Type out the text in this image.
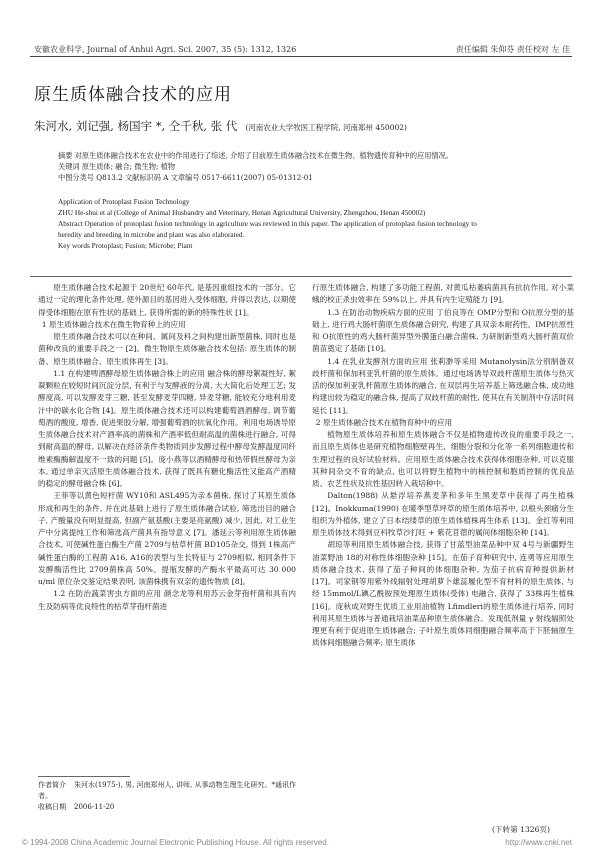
安徽农业科学, Journal of Anhui Agri. Sci. 2007, 35 (5): 1312, 1326	责任编辑 朱仰芬 责任校对 左 佳
原生质体融合技术的应用
朱河水, 刘记强, 杨国宇 *, 仝千秋, 张 代 (河南农业大学牧医工程学院, 河南郑州 450002)
摘要 对原生质体融合技术在农业中的作用进行了综述, 介绍了目前原生质体融合技术在微生物、植物遗传育种中的应用情况。
关键词 原生质体; 融合; 微生物; 植物
中图分类号 Q813.2 文献标识码 A 文章编号 0517-6611(2007) 05-01312-01
Application of Protoplast Fusion Technology
ZHU He-shui et al (College of Animal Husbandry and Veterinary, Henan Agricultural University, Zhengzhou, Henan 450002)
Abstract Operation of protoplast fusion technology in agriculture was reviewed in this paper. The application of protoplast fusion technology to
heredity and breeding in microbe and plant was also elaborated.
Key words Protoplast; Fusion; Microbe; Plant

原生质体融合技术起源于 20世纪 60年代, 是基因重组技术的一部分。它通过一定的理化条件处理, 使外源目的基因进入受体细胞, 并得以表达, 以期使得受体细胞在原有性状的基础上, 获得所需的新的特殊性状 [1]。

1 原生质体融合技术在微生物育种上的应用

原生质体融合技术可以在种间、属间及科之间构建出新型菌株, 同时也是菌种改良的重要手段之一 [2]。微生物原生质体融合技术包括: 原生质体的制备、原生质体融合、原生质体再生 [3]。

1.1 在构建啤酒酵母原生质体融合株上的应用 融合株的酵母絮凝性好, 絮凝颗粒在较短时间沉淀分层, 有利于与发酵液的分离, 大大简化后处理工艺; 发酵度高, 可以发酵麦芽三糖, 甚至发酵麦芽四糖, 异麦芽糖, 能较充分地利用麦汁中的碳水化合物 [4]。原生质体融合技术还可以构建葡萄酒酒酵母, 调节葡萄酒的酸度, 增香, 促进果胶分解, 增强葡萄酒的抗氧化作用。利用电场诱导原生质体融合技术对产酒率高的菌株和产酒率低但耐高温的菌株进行融合, 可得到耐高温的酵母, 以解决在经济条件类物质同步发酵过程中酵母发酵温度同纤维素酶酶解温度不一致的问题 [5]。庞小燕等以酒精酵母和热带假丝酵母为亲本, 通过单亲灭活原生质体融合技术, 获得了既具有糖化酶活性又能高产酒精的稳定的酵母融合株 [6]。

王菲等以黄色短杆菌 WY10和 ASL495为亲本菌株, 探讨了其原生质体形成和再生的条件, 并在此基础上进行了原生质体融合试验, 筛选出目的融合子, 产酸量没有明显提高, 但副产氨基酸(主要是亮氨酸) 减少, 因此, 对工业生产中分离提纯工作和筛选高产菌具有指导意义 [7]。潘延云等利用原生质体融合技术, 可使碱性蛋白酶生产菌 2709与枯草杆菌 BD105杂交, 得到 1株高产碱性蛋白酶的工程菌 A16, A16的表型与生长特征与 2709相似, 相同条件下发酵酶活性比 2709菌株高 50%。提瓶发酵的产酶水平最高可达 30 000 u/ml 原位杂交鉴定结果表明, 该菌株携有双亲的遗传物质 [8]。

1.2 在防治蔬菜害虫方面的应用 颜念龙等利用苏云金芽孢杆菌和具有内生及防病等优良特性的枯草芽孢杆菌进

行原生质体融合, 构建了多功能工程菌, 对黄瓜枯萎病菌具有抗抗作用, 对小菜蛾的校正杀虫效率在 59%以上, 并具有内生定殖能力 [9]。

1.3 在防治动物疾病方面的应用 丁伯良等在 OMP分型和 O抗原分型的基础上, 进行鸡大肠杆菌原生质体融合研究, 构建了具双亲本耐药性、IMP抗原性和 O抗原性的鸡大肠杆菌异型外膜蛋白融合菌株, 为研制新型鸡大肠杆菌双价菌苗奠定了基础 [10]。

1.4 在乳业发酵剂方面的应用 张莉渺等采用 Mutanolysin法分别制备双歧杆菌和保加利亚乳杆菌的原生质体。通过电场诱导双歧杆菌原生质体与热灭活的保加利亚乳杆菌原生质体的融合, 在双层再生培养基上筛选融合株, 成功地构建出较为稳定的融合株, 提高了双歧杆菌的耐性, 使其在有关制剂中存活时间延长 [11]。

2 原生质体融合技术在植物育种中的应用

植物原生质体培养和原生质体融合不仅是植物遗传改良的重要手段之一, 而且原生质体也是研究植物细胞壁再生、细胞分裂和分化等一系列细胞遗传和生理过程的良好试验材料。应用原生质体融合技术获得体细胞杂种, 可以克服其种间杂交不育的缺点, 也可以将野生植物中的核控制和胞质控制的优良品质、农艺性状及抗性基因转入栽培种中。

Dalton(1988) 从悬浮培养燕麦茅和多年生黑麦草中获得了再生植株 [12]。Inokkuma(1990) 在暖季型草坪草的原生质体培养中, 以根头颈痛分生组织为外植体, 建立了日本结缕草的原生质体植株再生体系 [13]。金红等利用原生质体技术得到豆科牧草沙打旺 + 紫花苜蓿的属间体细胞杂种 [14]。

胡琼等利用原生质体融合技, 获得了甘蓝型油菜品种中双 4号与新疆野生油菜野油 18的对称性体细胞杂种 [15]。在茄子育种研究中, 连勇等应用原生质体融合技术, 获得了茄子种间的体细胞杂种, 为茄子抗病育种提供新材 [17]。司家钢等用紫外线辐射处理胡萝卜雄蕊履化型不育材料的原生质体, 与经 15mmol/L碘乙酰胺预处理原生质体(受体) 电融合, 获得了 33株再生植株 [16]。庞秋成对野生优质工业用油植物 Lfimdleri的原生质体进行培养, 同时利用其原生质体与普通栽培油菜品种原生质体融合。发现低剂量 γ 射线辐照处理更有利于促进原生质体融合; 子叶原生质体同细胞融合频率高于下胚轴原生质体间细胞融合频率; 原生质体

作者简介 朱河水(1975-), 男, 河南郑州人, 讲师, 从事动物生理生化研究。*通讯作者。
收稿日期 2006-11-20
(下转第 1326页)
© 1994-2008 China Academic Journal Electronic Publishing House. All rights reserved.	http://www.cnki.net
